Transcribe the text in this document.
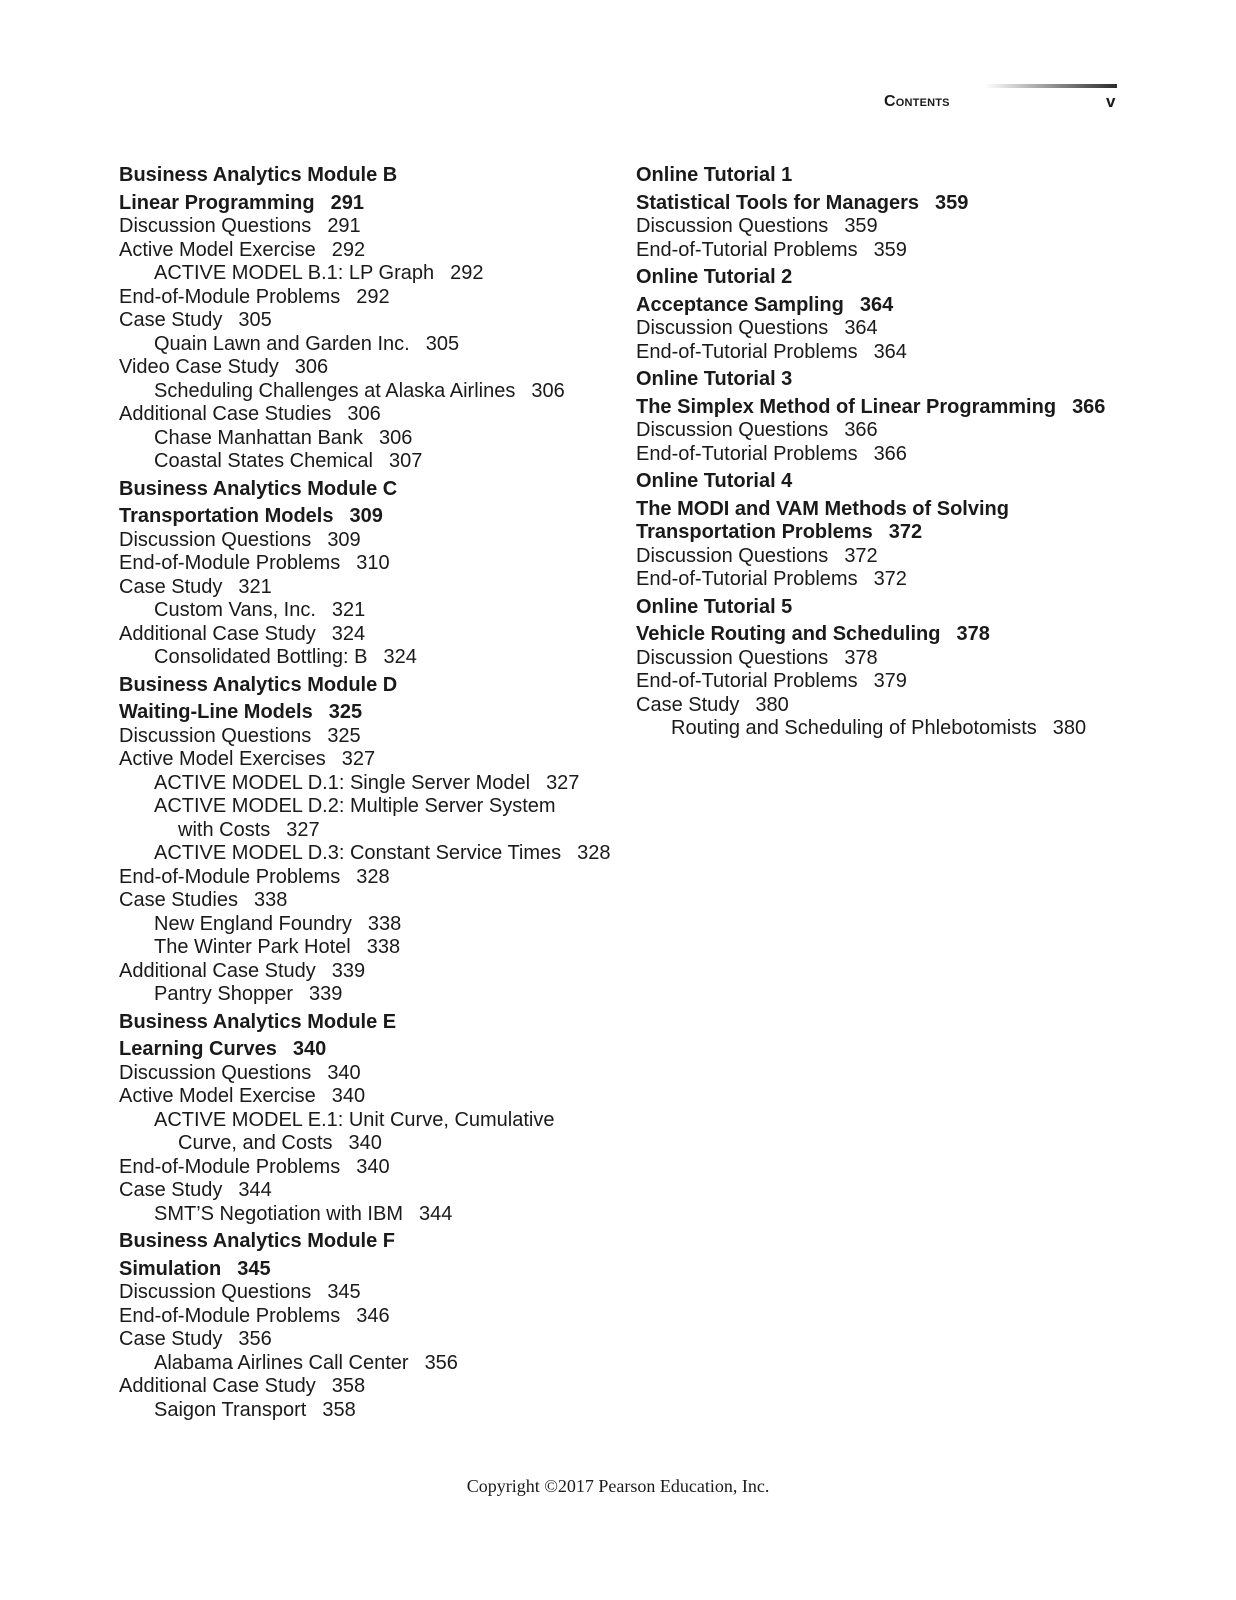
Contents	v
Business Analytics Module B
Linear Programming 291
Discussion Questions 291
Active Model Exercise 292
ACTIVE MODEL B.1: LP Graph 292
End-of-Module Problems 292
Case Study 305
Quain Lawn and Garden Inc. 305
Video Case Study 306
Scheduling Challenges at Alaska Airlines 306
Additional Case Studies 306
Chase Manhattan Bank 306
Coastal States Chemical 307
Business Analytics Module C
Transportation Models 309
Discussion Questions 309
End-of-Module Problems 310
Case Study 321
Custom Vans, Inc. 321
Additional Case Study 324
Consolidated Bottling: B 324
Business Analytics Module D
Waiting-Line Models 325
Discussion Questions 325
Active Model Exercises 327
ACTIVE MODEL D.1: Single Server Model 327
ACTIVE MODEL D.2: Multiple Server System
with Costs 327
ACTIVE MODEL D.3: Constant Service Times 328
End-of-Module Problems 328
Case Studies 338
New England Foundry 338
The Winter Park Hotel 338
Additional Case Study 339
Pantry Shopper 339
Business Analytics Module E
Learning Curves 340
Discussion Questions 340
Active Model Exercise 340
ACTIVE MODEL E.1: Unit Curve, Cumulative
Curve, and Costs 340
End-of-Module Problems 340
Case Study 344
SMT’S Negotiation with IBM 344
Business Analytics Module F
Simulation 345
Discussion Questions 345
End-of-Module Problems 346
Case Study 356
Alabama Airlines Call Center 356
Additional Case Study 358
Saigon Transport 358
Online Tutorial 1
Statistical Tools for Managers 359
Discussion Questions 359
End-of-Tutorial Problems 359
Online Tutorial 2
Acceptance Sampling 364
Discussion Questions 364
End-of-Tutorial Problems 364
Online Tutorial 3
The Simplex Method of Linear Programming 366
Discussion Questions 366
End-of-Tutorial Problems 366
Online Tutorial 4
The MODI and VAM Methods of Solving
Transportation Problems 372
Discussion Questions 372
End-of-Tutorial Problems 372
Online Tutorial 5
Vehicle Routing and Scheduling 378
Discussion Questions 378
End-of-Tutorial Problems 379
Case Study 380
Routing and Scheduling of Phlebotomists 380
Copyright ©2017 Pearson Education, Inc.
